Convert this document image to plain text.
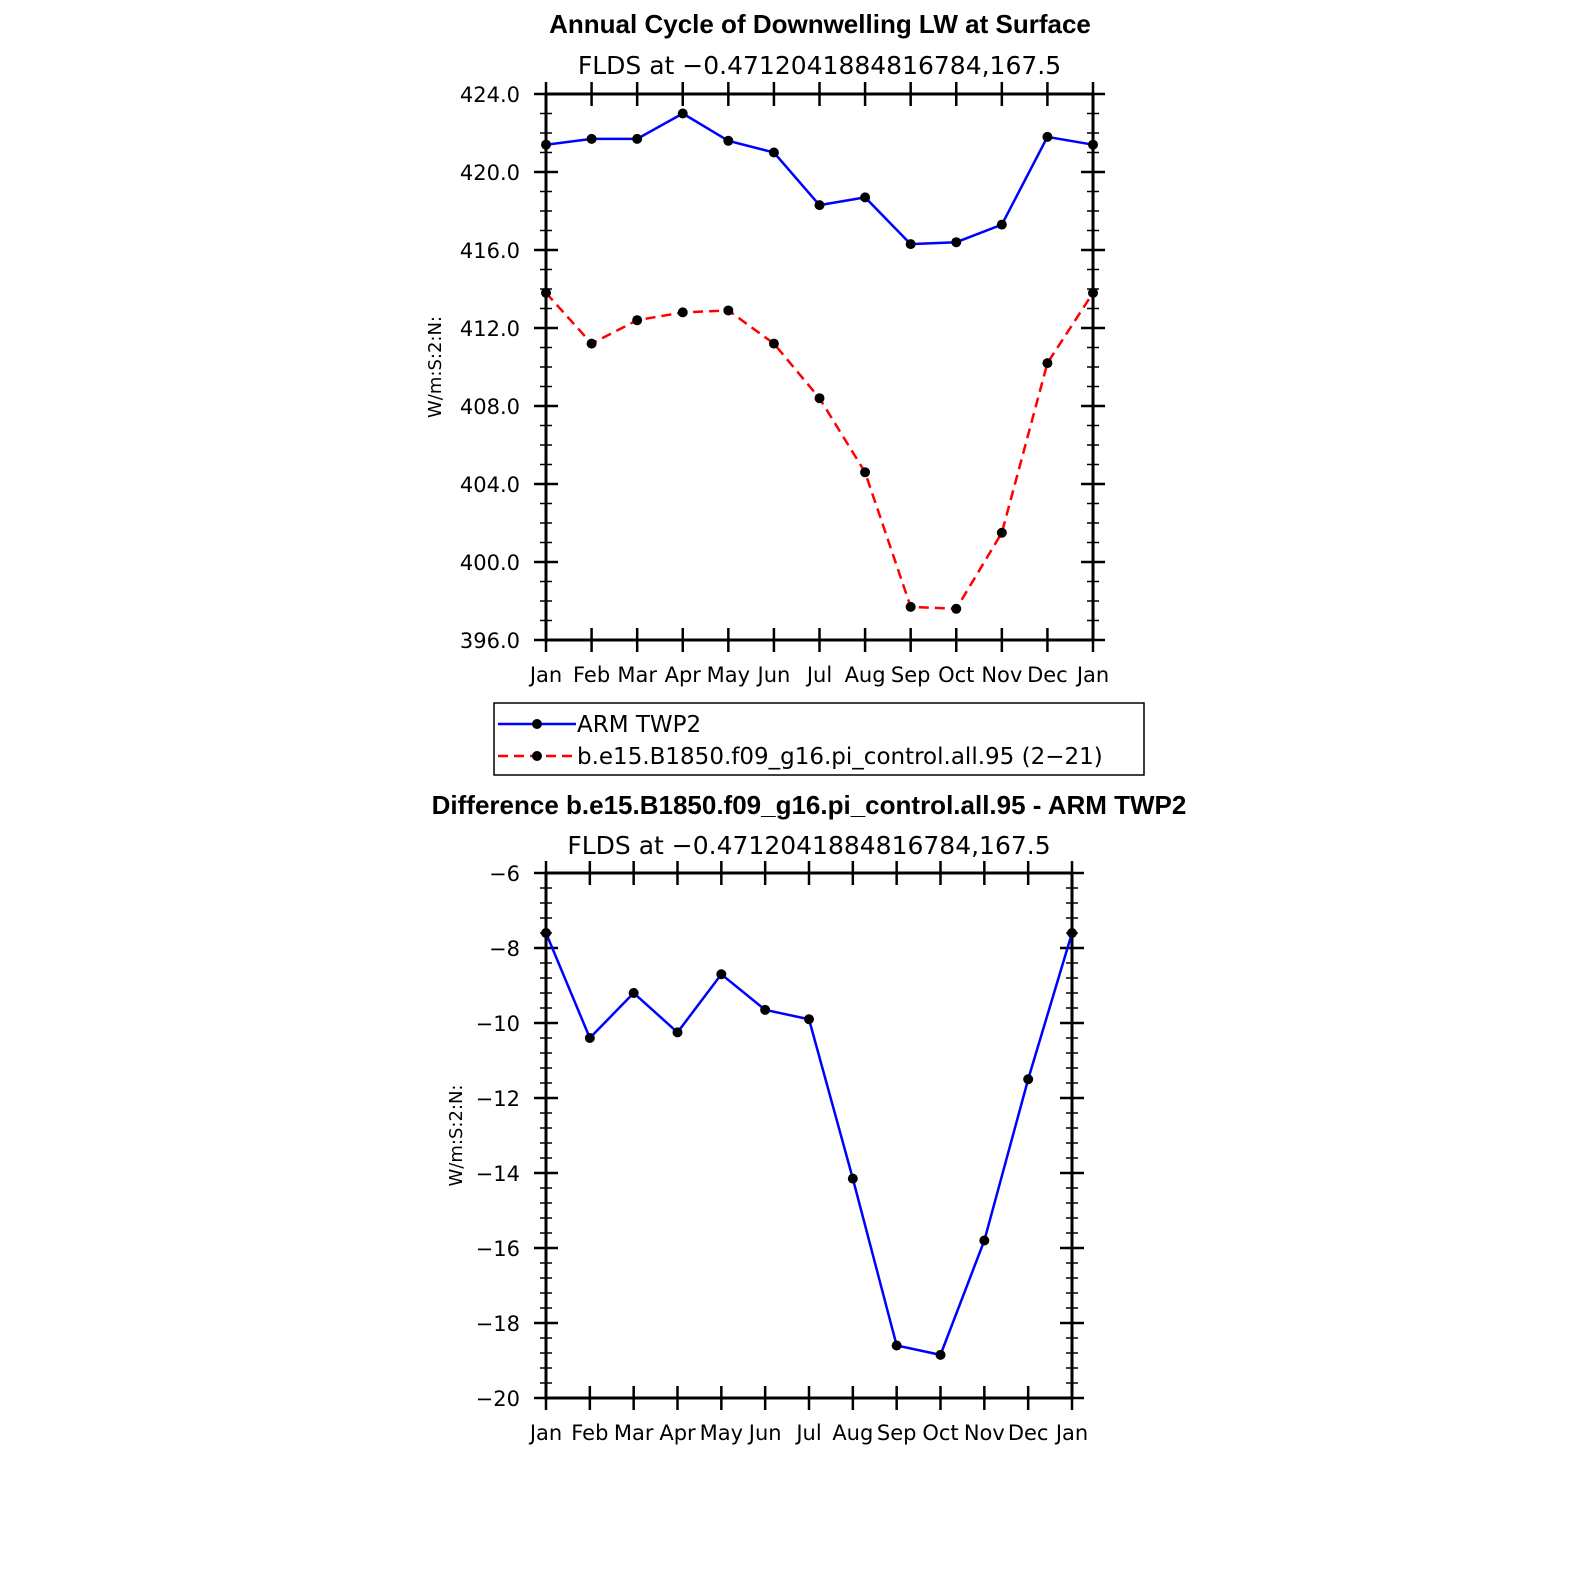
Annual Cycle of Downwelling LW at Surface
FLDS at −0.4712041884816784,167.5
Jan Feb Mar Apr May Jun Jul Aug Sep Oct Nov Dec Jan
396.0
400.0
404.0
408.0
412.0
416.0
420.0
424.0
W/m:S:2:N:
ARM TWP2
b.e15.B1850.f09_g16.pi_control.all.95 (2−21)
Difference b.e15.B1850.f09_g16.pi_control.all.95 - ARM TWP2
FLDS at −0.4712041884816784,167.5
Jan Feb Mar Apr May Jun Jul Aug Sep Oct Nov Dec Jan
−20
−18
−16
−14
−12
−10
−8
−6
W/m:S:2:N:
